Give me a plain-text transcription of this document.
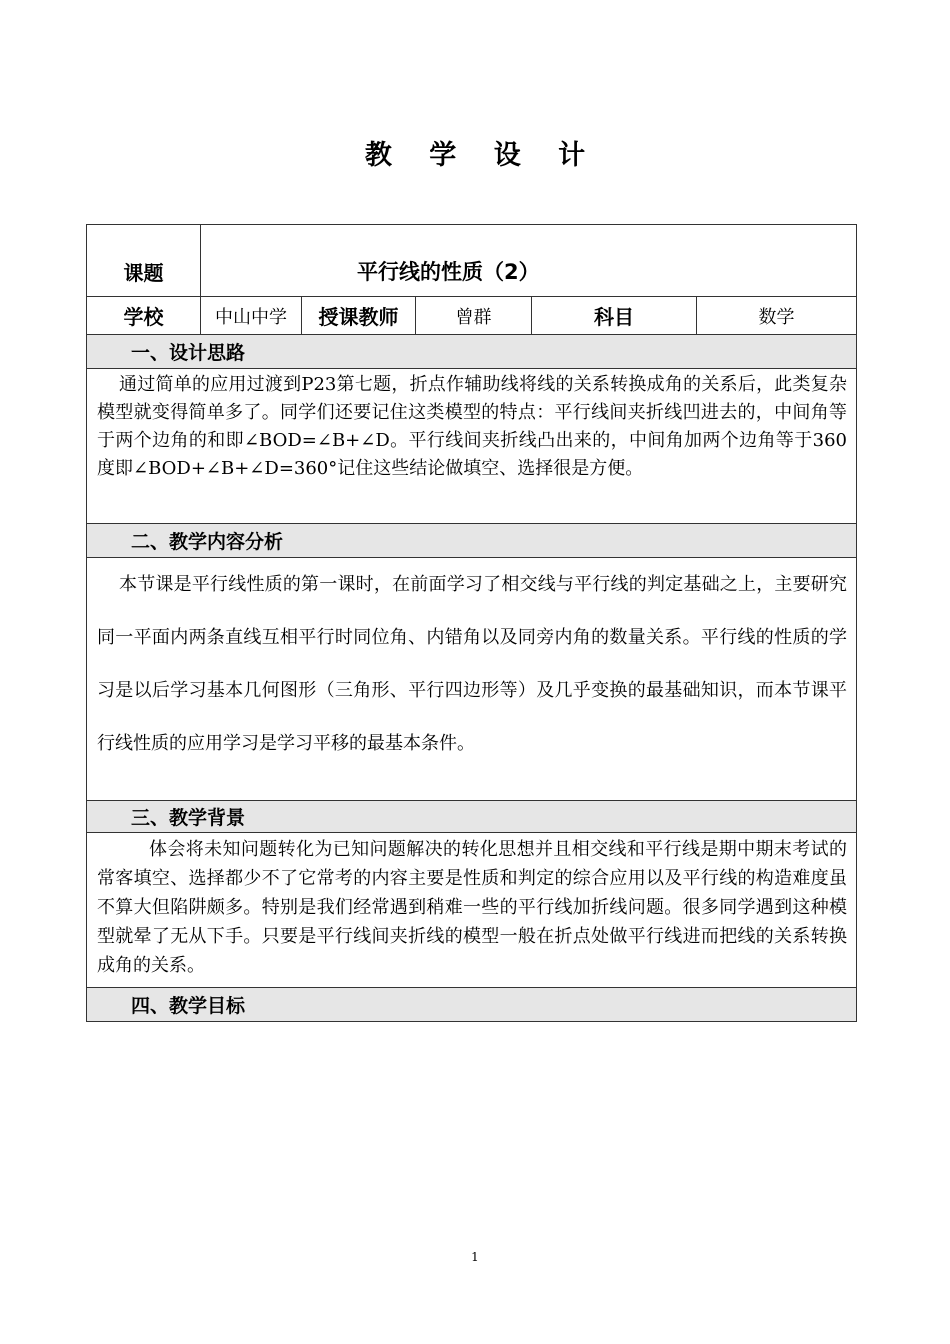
教 学 设 计
课题	平行线的性质（2）				
学校	中山中学	授课教师	曾群	科目	数学
一、设计思路					
通过简单的应用过渡到P23第七题，折点作辅助线将线的关系转换成角的关系后，此类复杂模型就变得简单多了。同学们还要记住这类模型的特点：平行线间夹折线凹进去的，中间角等于两个边角的和即∠BOD=∠B+∠D。平行线间夹折线凸出来的，中间角加两个边角等于360度即∠BOD+∠B+∠D=360°记住这些结论做填空、选择很是方便。					
二、教学内容分析					
本节课是平行线性质的第一课时，在前面学习了相交线与平行线的判定基础之上，主要研究同一平面内两条直线互相平行时同位角、内错角以及同旁内角的数量关系。平行线的性质的学习是以后学习基本几何图形（三角形、平行四边形等）及几乎变换的最基础知识，而本节课平行线性质的应用学习是学习平移的最基本条件。					
三、教学背景					
体会将未知问题转化为已知问题解决的转化思想并且相交线和平行线是期中期末考试的常客填空、选择都少不了它常考的内容主要是性质和判定的综合应用以及平行线的构造难度虽不算大但陷阱颇多。特别是我们经常遇到稍难一些的平行线加折线问题。很多同学遇到这种模型就晕了无从下手。只要是平行线间夹折线的模型一般在折点处做平行线进而把线的关系转换成角的关系。					
四、教学目标					
1
